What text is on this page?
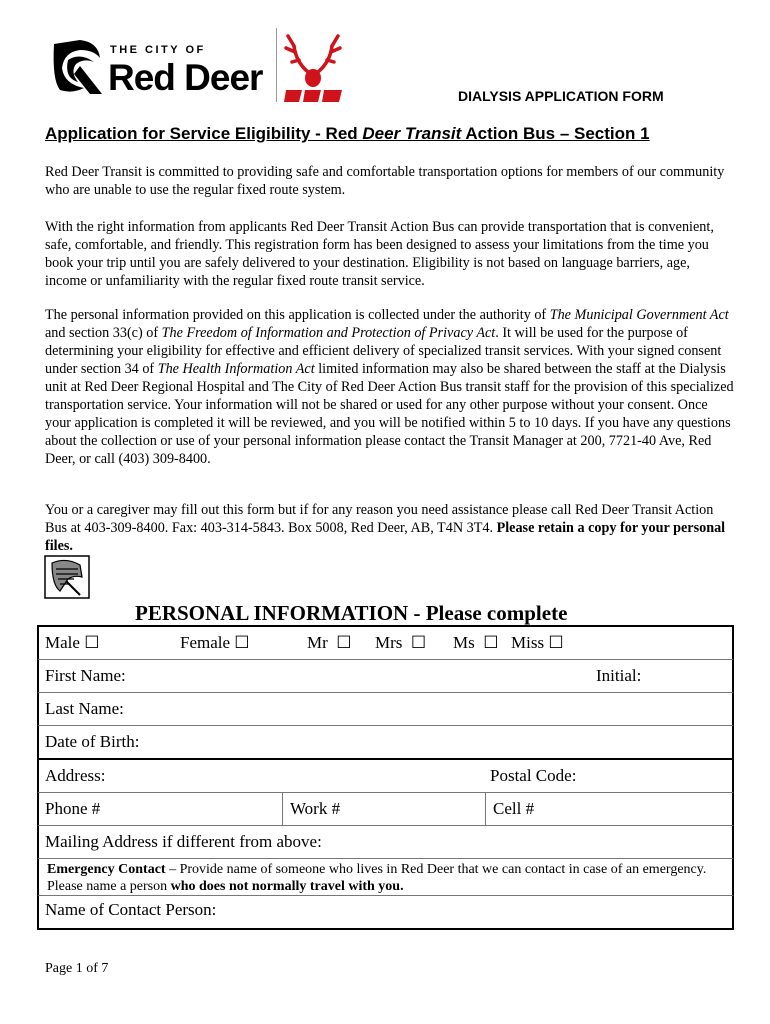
THE CITY OF
Red Deer	DIALYSIS APPLICATION FORM
Application for Service Eligibility - Red Deer Transit Action Bus – Section 1

Red Deer Transit is committed to providing safe and comfortable transportation options for members of our community who are unable to use the regular fixed route system.

With the right information from applicants Red Deer Transit Action Bus can provide transportation that is convenient, safe, comfortable, and friendly. This registration form has been designed to assess your limitations from the time you book your trip until you are safely delivered to your destination. Eligibility is not based on language barriers, age, income or unfamiliarity with the regular fixed route transit service.

The personal information provided on this application is collected under the authority of The Municipal Government Act and section 33(c) of The Freedom of Information and Protection of Privacy Act. It will be used for the purpose of determining your eligibility for effective and efficient delivery of specialized transit services. With your signed consent under section 34 of The Health Information Act limited information may also be shared between the staff at the Dialysis unit at Red Deer Regional Hospital and The City of Red Deer Action Bus transit staff for the provision of this specialized transportation service. Your information will not be shared or used for any other purpose without your consent. Once your application is completed it will be reviewed, and you will be notified within 5 to 10 days. If you have any questions about the collection or use of your personal information please contact the Transit Manager at 200, 7721-40 Ave, Red Deer, or call (403) 309-8400.

You or a caregiver may fill out this form but if for any reason you need assistance please call Red Deer Transit Action Bus at 403-309-8400. Fax: 403-314-5843. Box 5008, Red Deer, AB, T4N 3T4. Please retain a copy for your personal files.

PERSONAL INFORMATION - Please complete
Male ☐	Female ☐	Mr ☐ Mrs ☐ Ms ☐ Miss ☐
First Name:	Initial:
Last Name:
Date of Birth:
Address:	Postal Code:
Phone #	Work #	Cell #
Mailing Address if different from above:
Emergency Contact – Provide name of someone who lives in Red Deer that we can contact in case of an emergency. Please name a person who does not normally travel with you.
Name of Contact Person:
Page 1 of 7
